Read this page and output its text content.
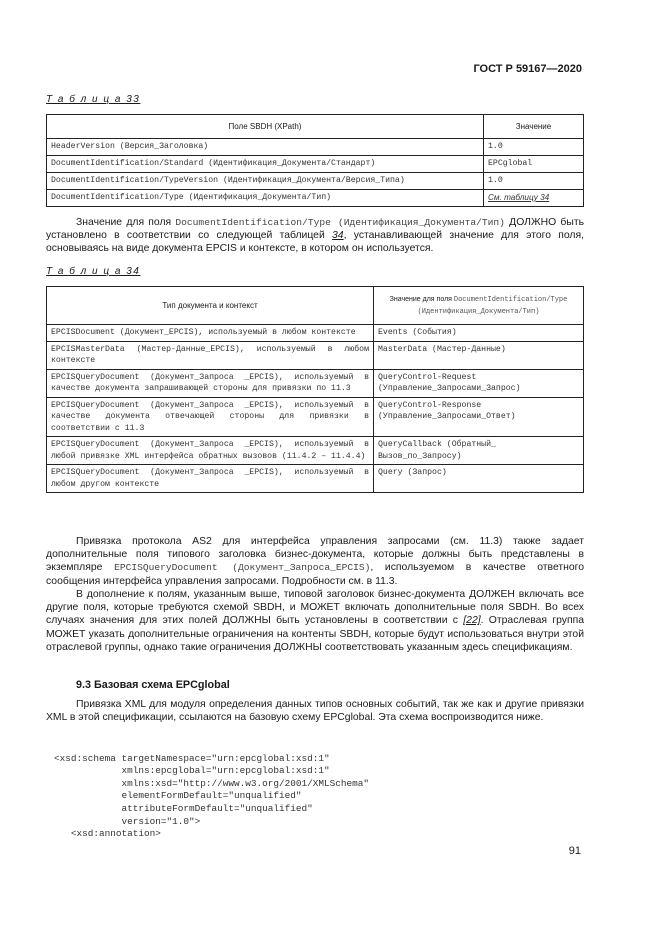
ГОСТ Р 59167—2020
Т а б л и ц а 33
Поле SBDH (XPath)	Значение
HeaderVersion (Версия_Заголовка)	1.0
DocumentIdentification/Standard (Идентификация_Документа/Стандарт)	EPCglobal
DocumentIdentification/TypeVersion (Идентификация_Документа/Версия_Типа)	1.0
DocumentIdentification/Type (Идентификация_Документа/Тип)	См. таблицу 34

Значение для поля DocumentIdentification/Type (Идентификация_Документа/Тип) ДОЛЖНО быть установлено в соответствии со следующей таблицей 34, устанавливающей значение для этого поля, основываясь на виде документа EPCIS и контексте, в котором он используется.

Т а б л и ц а 34
Тип документа и контекст	Значение для поля DocumentIdentification/Type (Идентификация_Документа/Тип)
EPCISDocument (Документ_EPCIS), используемый в любом контексте	Events (События)
EPCISMasterData (Мастер-Данные_EPCIS), используемый в любом контексте	MasterData (Мастер-Данные)
EPCISQueryDocument (Документ_Запроса _EPCIS), используемый в качестве документа запрашивающей стороны для привязки по 11.3	QueryControl-Request (Управление_Запросами_Запрос)
EPCISQueryDocument (Документ_Запроса _EPCIS), используемый в качестве документа отвечающей стороны для привязки в соответствии с 11.3	QueryControl-Response (Управление_Запросами_Ответ)
EPCISQueryDocument (Документ_Запроса _EPCIS), используемый в любой привязке XML интерфейса обратных вызовов (11.4.2 – 11.4.4)	QueryCallback (Обратный_ Вызов_по_Запросу)
EPCISQueryDocument (Документ_Запроса _EPCIS), используемый в любом другом контексте	Query (Запрос)

Привязка протокола AS2 для интерфейса управления запросами (см. 11.3) также задает дополнительные поля типового заголовка бизнес-документа, которые должны быть представлены в экземпляре EPCISQueryDocument (Документ_Запроса_EPCIS), используемом в качестве ответного сообщения интерфейса управления запросами. Подробности см. в 11.3.

В дополнение к полям, указанным выше, типовой заголовок бизнес-документа ДОЛЖЕН включать все другие поля, которые требуются схемой SBDH, и МОЖЕТ включать дополнительные поля SBDH. Во всех случаях значения для этих полей ДОЛЖНЫ быть установлены в соответствии с [22]. Отраслевая группа МОЖЕТ указать дополнительные ограничения на контенты SBDH, которые будут использоваться внутри этой отраслевой группы, однако такие ограничения ДОЛЖНЫ соответствовать указанным здесь спецификациям.

9.3 Базовая схема EPCglobal

Привязка XML для модуля определения данных типов основных событий, так же как и другие привязки XML в этой спецификации, ссылаются на базовую схему EPCglobal. Эта схема воспроизводится ниже.

<xsd:schema targetNamespace="urn:epcglobal:xsd:1"
xmlns:epcglobal="urn:epcglobal:xsd:1"
xmlns:xsd="http://www.w3.org/2001/XMLSchema"
elementFormDefault="unqualified"
attributeFormDefault="unqualified"
version="1.0">
<xsd:annotation>

91
